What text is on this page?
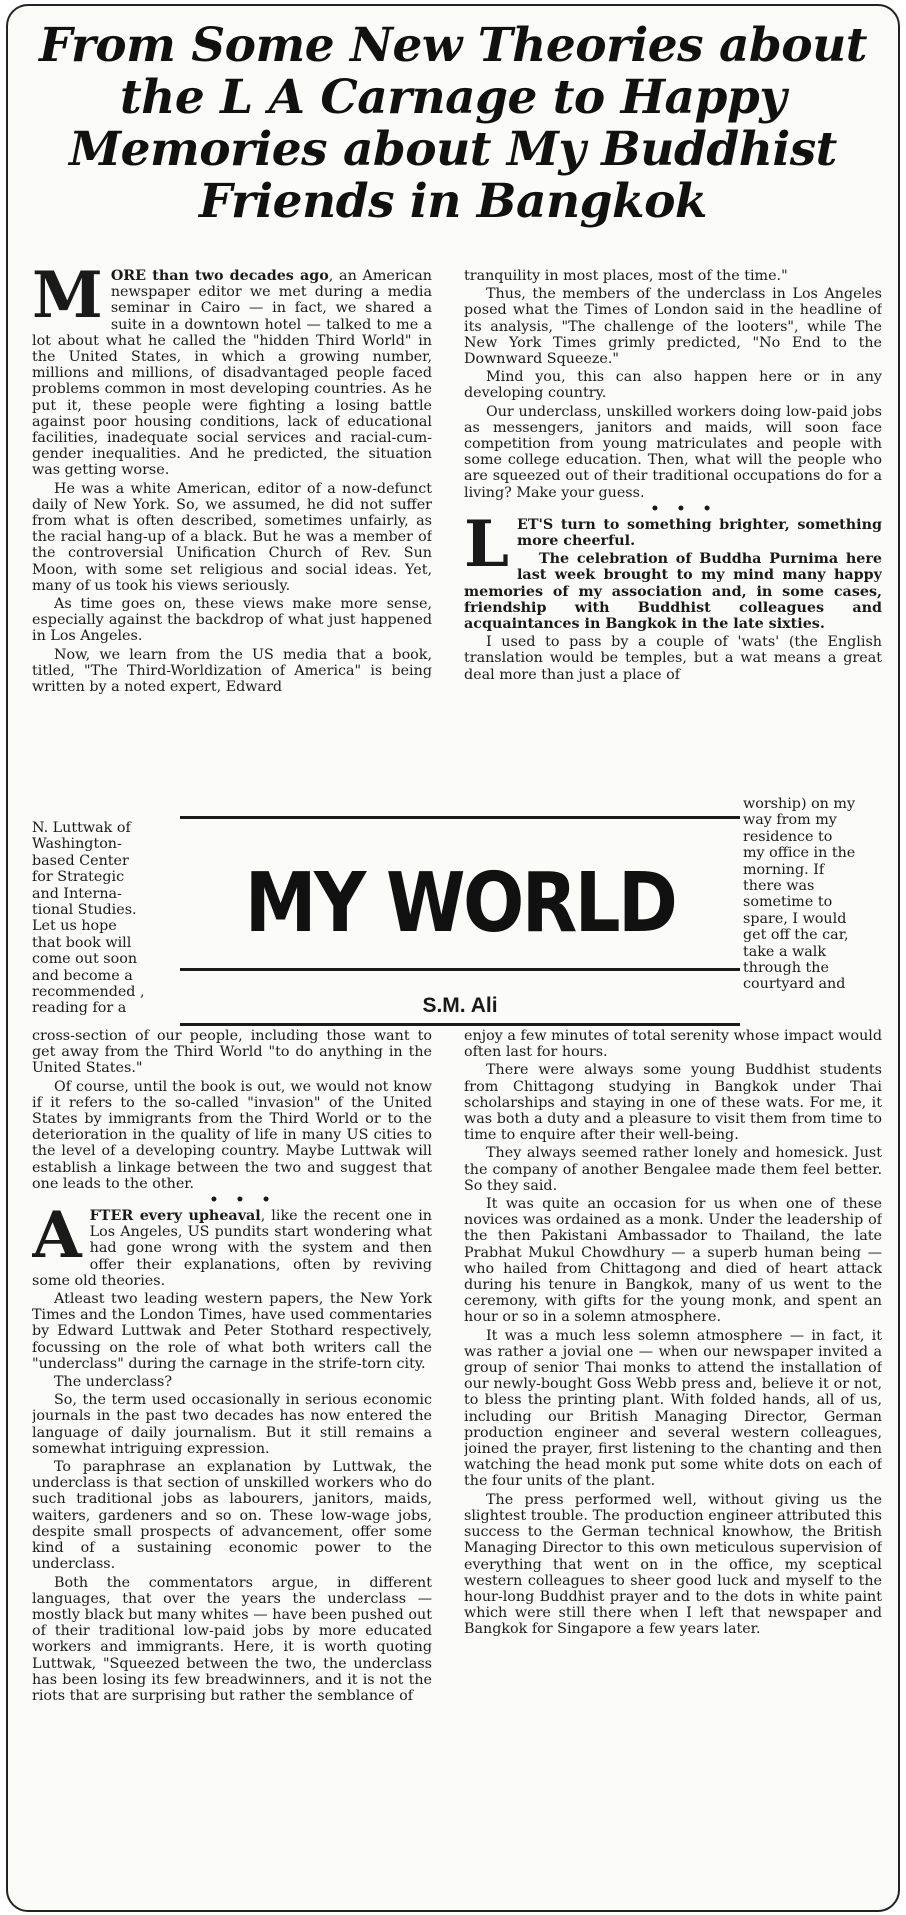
From Some New Theories about
the L A Carnage to Happy
Memories about My Buddhist
Friends in Bangkok

MORE than two decades ago, an American newspaper editor we met during a media seminar in Cairo — in fact, we shared a suite in a downtown hotel — talked to me a lot about what he called the "hidden Third World" in the United States, in which a growing number, millions and millions, of disadvantaged people faced problems common in most developing countries. As he put it, these people were fighting a losing battle against poor housing conditions, lack of educational facilities, inadequate social services and racial-cum-gender inequalities. And he predicted, the situation was getting worse.

He was a white American, editor of a now-defunct daily of New York. So, we assumed, he did not suffer from what is often described, sometimes unfairly, as the racial hang-up of a black. But he was a member of the controversial Unification Church of Rev. Sun Moon, with some set religious and social ideas. Yet, many of us took his views seriously.

As time goes on, these views make more sense, especially against the backdrop of what just happened in Los Angeles.

Now, we learn from the US media that a book, titled, "The Third-Worldization of America" is being written by a noted expert, Edward

tranquility in most places, most of the time."

Thus, the members of the underclass in Los Angeles posed what the Times of London said in the headline of its analysis, "The challenge of the looters", while The New York Times grimly predicted, "No End to the Downward Squeeze."

Mind you, this can also happen here or in any developing country.

Our underclass, unskilled workers doing low-paid jobs as messengers, janitors and maids, will soon face competition from young matriculates and people with some college education. Then, what will the people who are squeezed out of their traditional occupations do for a living? Make your guess.

• • •

LET'S turn to something brighter, something more cheerful.

The celebration of Buddha Purnima here last week brought to my mind many happy memories of my association and, in some cases, friendship with Buddhist colleagues and acquaintances in Bangkok in the late sixties.

I used to pass by a couple of 'wats' (the English translation would be temples, but a wat means a great deal more than just a place of

N. Luttwak of
Washington-
based Center
for Strategic
and Interna-
tional Studies.
Let us hope
that book will
come out soon
and become a
recommended ,
reading for a
worship) on my
way from my
residence to
my office in the
morning. If
there was
sometime to
spare, I would
get off the car,
take a walk
through the
courtyard and
MY WORLD
S.M. Ali

cross-section of our people, including those want to get away from the Third World "to do anything in the United States."

Of course, until the book is out, we would not know if it refers to the so-called "invasion" of the United States by immigrants from the Third World or to the deterioration in the quality of life in many US cities to the level of a developing country. Maybe Luttwak will establish a linkage between the two and suggest that one leads to the other.

• • •

AFTER every upheaval, like the recent one in Los Angeles, US pundits start wondering what had gone wrong with the system and then offer their explanations, often by reviving some old theories.

Atleast two leading western papers, the New York Times and the London Times, have used commentaries by Edward Luttwak and Peter Stothard respectively, focussing on the role of what both writers call the "underclass" during the carnage in the strife-torn city.

The underclass?

So, the term used occasionally in serious economic journals in the past two decades has now entered the language of daily journalism. But it still remains a somewhat intriguing expression.

To paraphrase an explanation by Luttwak, the underclass is that section of unskilled workers who do such traditional jobs as labourers, janitors, maids, waiters, gardeners and so on. These low-wage jobs, despite small prospects of advancement, offer some kind of a sustaining economic power to the underclass.

Both the commentators argue, in different languages, that over the years the underclass — mostly black but many whites — have been pushed out of their traditional low-paid jobs by more educated workers and immigrants. Here, it is worth quoting Luttwak, "Squeezed between the two, the underclass has been losing its few breadwinners, and it is not the riots that are surprising but rather the semblance of

enjoy a few minutes of total serenity whose impact would often last for hours.

There were always some young Buddhist students from Chittagong studying in Bangkok under Thai scholarships and staying in one of these wats. For me, it was both a duty and a pleasure to visit them from time to time to enquire after their well-being.

They always seemed rather lonely and homesick. Just the company of another Bengalee made them feel better. So they said.

It was quite an occasion for us when one of these novices was ordained as a monk. Under the leadership of the then Pakistani Ambassador to Thailand, the late Prabhat Mukul Chowdhury — a superb human being — who hailed from Chittagong and died of heart attack during his tenure in Bangkok, many of us went to the ceremony, with gifts for the young monk, and spent an hour or so in a solemn atmosphere.

It was a much less solemn atmosphere — in fact, it was rather a jovial one — when our newspaper invited a group of senior Thai monks to attend the installation of our newly-bought Goss Webb press and, believe it or not, to bless the printing plant. With folded hands, all of us, including our British Managing Director, German production engineer and several western colleagues, joined the prayer, first listening to the chanting and then watching the head monk put some white dots on each of the four units of the plant.

The press performed well, without giving us the slightest trouble. The production engineer attributed this success to the German technical knowhow, the British Managing Director to this own meticulous supervision of everything that went on in the office, my sceptical western colleagues to sheer good luck and myself to the hour-long Buddhist prayer and to the dots in white paint which were still there when I left that newspaper and Bangkok for Singapore a few years later.
